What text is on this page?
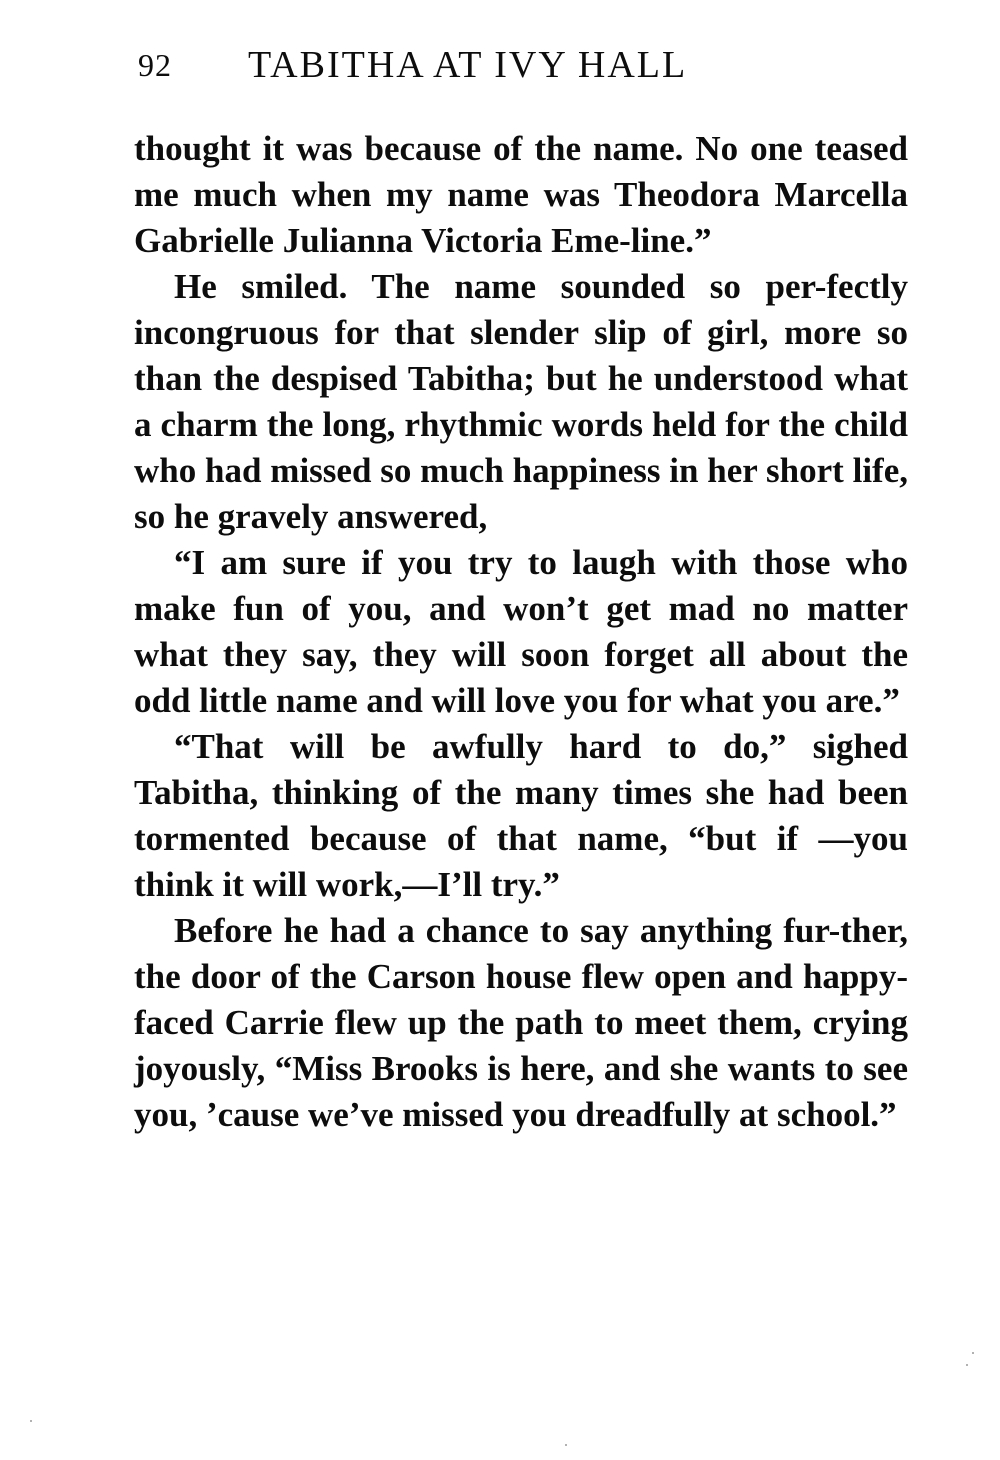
92 TABITHA AT IVY HALL

thought it was because of the name. No one teased me much when my name was Theodora Marcella Gabrielle Julianna Victoria Eme-line.”

He smiled. The name sounded so per-fectly incongruous for that slender slip of girl, more so than the despised Tabitha; but he understood what a charm the long, rhythmic words held for the child who had missed so much happiness in her short life, so he gravely answered,

“I am sure if you try to laugh with those who make fun of you, and won’t get mad no matter what they say, they will soon forget all about the odd little name and will love you for what you are.”

“That will be awfully hard to do,” sighed Tabitha, thinking of the many times she had been tormented because of that name, “but if —you think it will work,—I’ll try.”

Before he had a chance to say anything fur-ther, the door of the Carson house flew open and happy-faced Carrie flew up the path to meet them, crying joyously, “Miss Brooks is here, and she wants to see you, ’cause we’ve missed you dreadfully at school.”
